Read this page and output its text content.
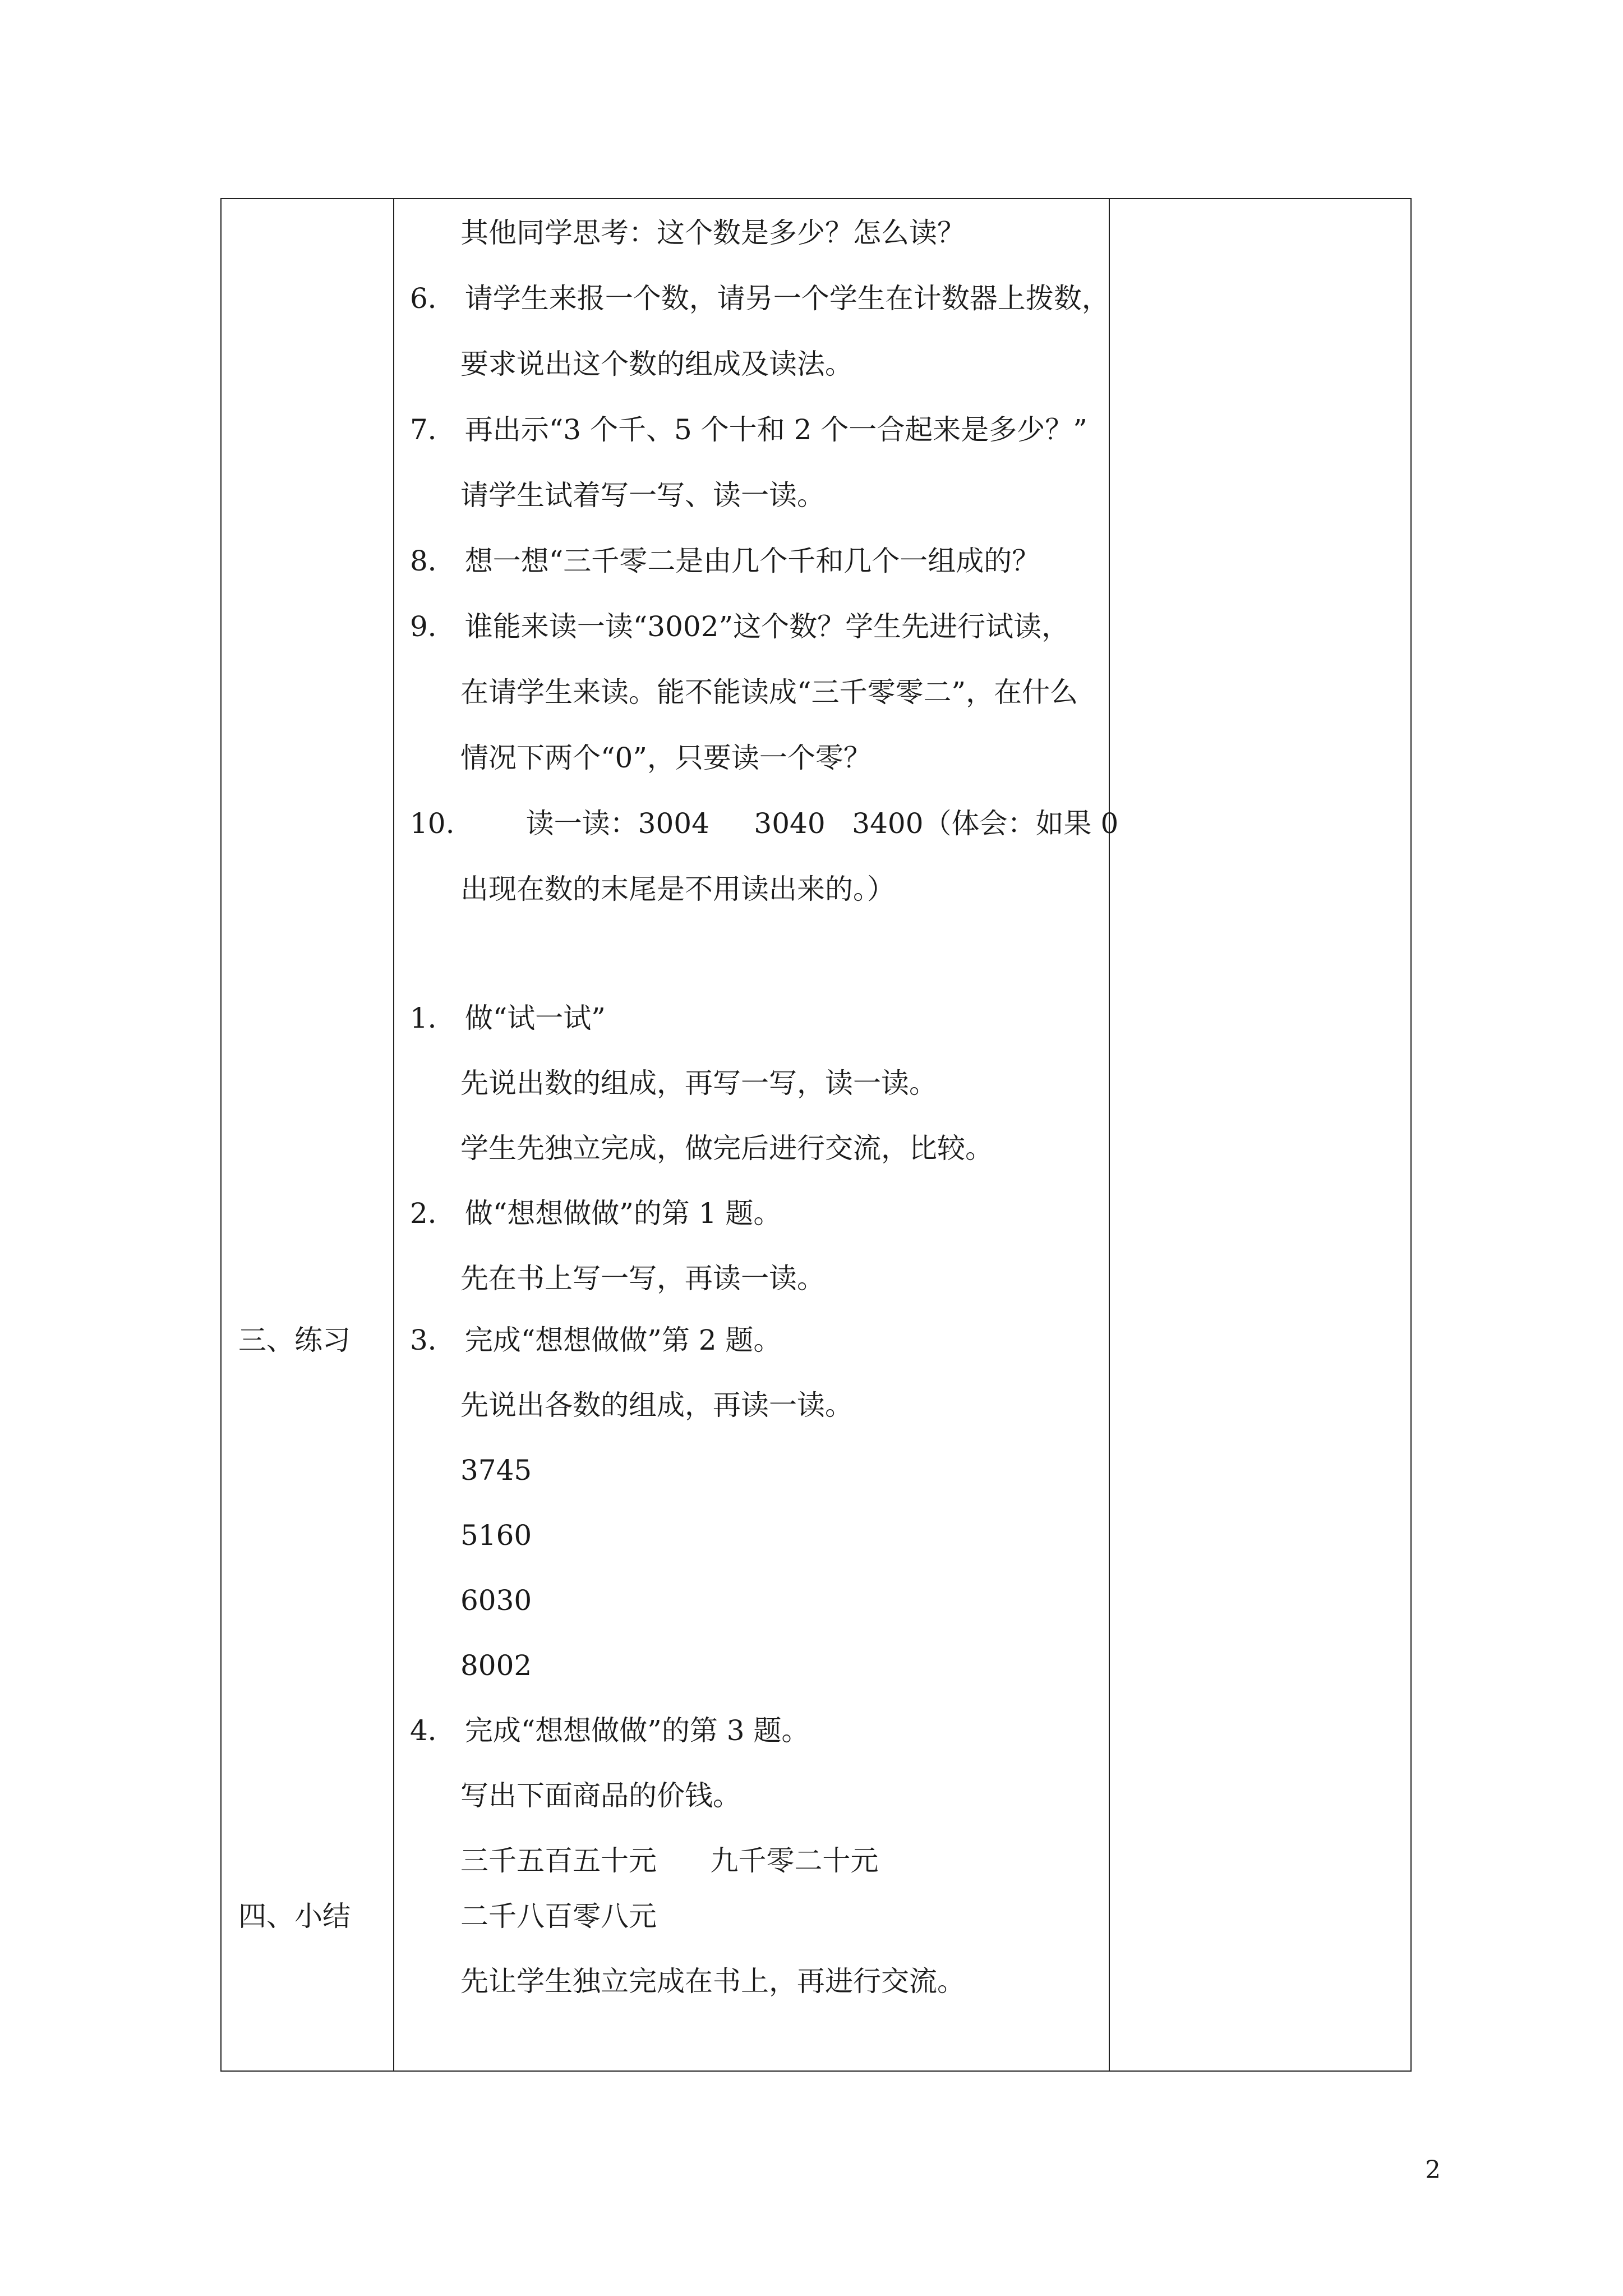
三、练习
四、小结
其他同学思考：这个数是多少？怎么读？
6． 请学生来报一个数，请另一个学生在计数器上拨数，
要求说出这个数的组成及读法。
7． 再出示“3 个千、5 个十和 2 个一合起来是多少？”
请学生试着写一写、读一读。
8． 想一想“三千零二是由几个千和几个一组成的？
9． 谁能来读一读“3002”这个数？学生先进行试读，
在请学生来读。能不能读成“三千零零二”，在什么
情况下两个“0”，只要读一个零？
10.        读一读：3004     3040   3400（体会：如果 0
出现在数的末尾是不用读出来的。）
1． 做“试一试”
先说出数的组成，再写一写，读一读。
学生先独立完成，做完后进行交流，比较。
2． 做“想想做做”的第 1 题。
先在书上写一写，再读一读。
3． 完成“想想做做”第 2 题。
先说出各数的组成，再读一读。
3745
5160
6030
8002
4． 完成“想想做做”的第 3 题。
写出下面商品的价钱。
三千五百五十元      九千零二十元
二千八百零八元
先让学生独立完成在书上，再进行交流。
2
